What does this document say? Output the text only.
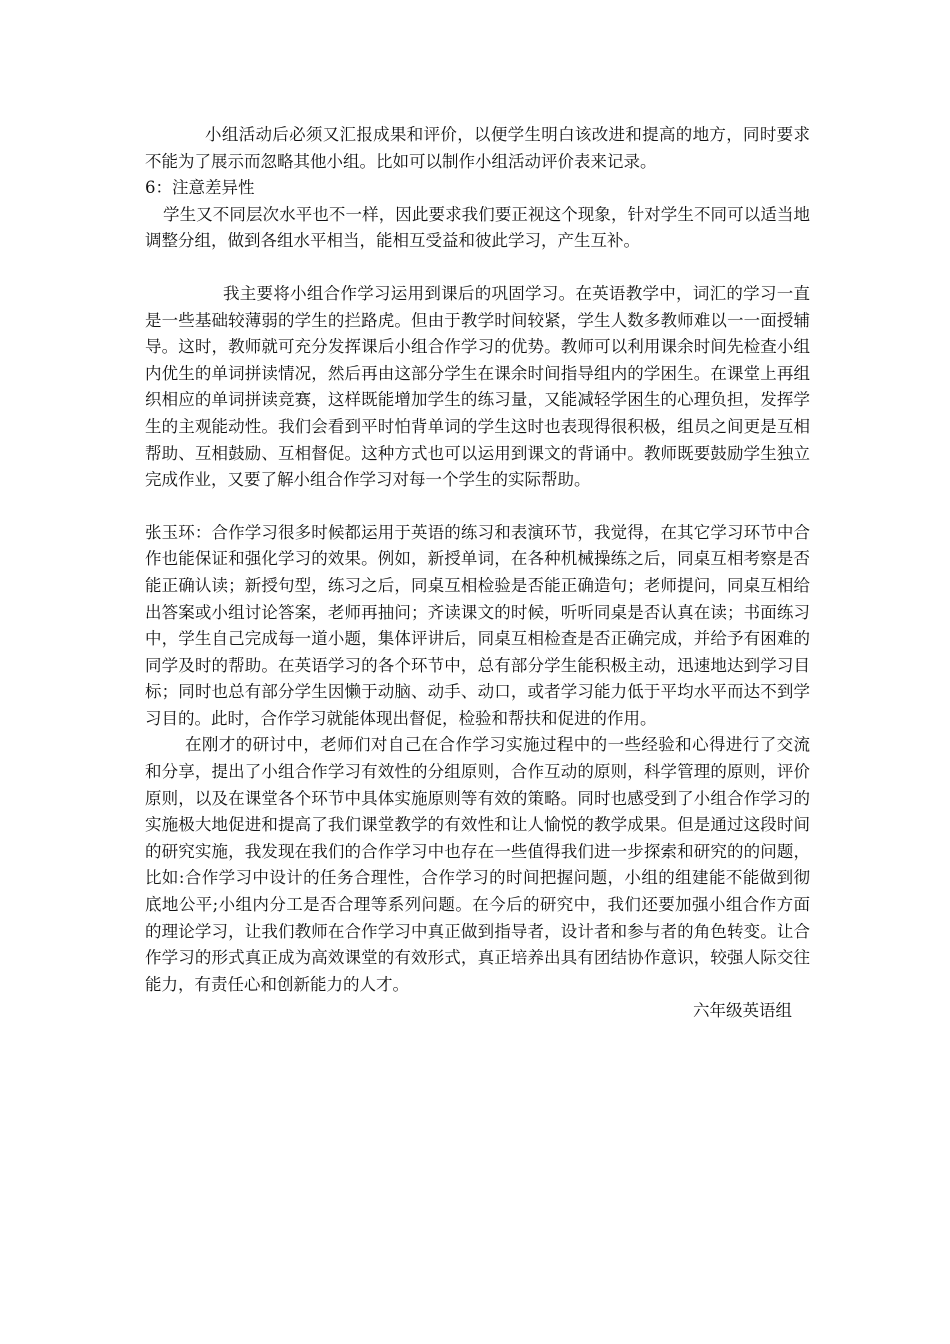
小组活动后必须又汇报成果和评价，以便学生明白该改进和提高的地方，同时要求不能为了展示而忽略其他小组。比如可以制作小组活动评价表来记录。

6：注意差异性

学生又不同层次水平也不一样，因此要求我们要正视这个现象，针对学生不同可以适当地调整分组，做到各组水平相当，能相互受益和彼此学习，产生互补。

我主要将小组合作学习运用到课后的巩固学习。在英语教学中，词汇的学习一直是一些基础较薄弱的学生的拦路虎。但由于教学时间较紧，学生人数多教师难以一一面授辅导。这时，教师就可充分发挥课后小组合作学习的优势。教师可以利用课余时间先检查小组内优生的单词拼读情况，然后再由这部分学生在课余时间指导组内的学困生。在课堂上再组织相应的单词拼读竞赛，这样既能增加学生的练习量，又能减轻学困生的心理负担，发挥学生的主观能动性。我们会看到平时怕背单词的学生这时也表现得很积极，组员之间更是互相帮助、互相鼓励、互相督促。这种方式也可以运用到课文的背诵中。教师既要鼓励学生独立完成作业，又要了解小组合作学习对每一个学生的实际帮助。

张玉环：合作学习很多时候都运用于英语的练习和表演环节，我觉得，在其它学习环节中合作也能保证和强化学习的效果。例如，新授单词，在各种机械操练之后，同桌互相考察是否能正确认读；新授句型，练习之后，同桌互相检验是否能正确造句；老师提问，同桌互相给出答案或小组讨论答案，老师再抽问；齐读课文的时候，听听同桌是否认真在读；书面练习中，学生自己完成每一道小题，集体评讲后，同桌互相检查是否正确完成，并给予有困难的同学及时的帮助。在英语学习的各个环节中，总有部分学生能积极主动，迅速地达到学习目标；同时也总有部分学生因懒于动脑、动手、动口，或者学习能力低于平均水平而达不到学习目的。此时，合作学习就能体现出督促，检验和帮扶和促进的作用。

在刚才的研讨中，老师们对自己在合作学习实施过程中的一些经验和心得进行了交流和分享，提出了小组合作学习有效性的分组原则，合作互动的原则，科学管理的原则，评价原则，以及在课堂各个环节中具体实施原则等有效的策略。同时也感受到了小组合作学习的实施极大地促进和提高了我们课堂教学的有效性和让人愉悦的教学成果。但是通过这段时间的研究实施，我发现在我们的合作学习中也存在一些值得我们进一步探索和研究的的问题，比如:合作学习中设计的任务合理性，合作学习的时间把握问题，小组的组建能不能做到彻底地公平;小组内分工是否合理等系列问题。在今后的研究中，我们还要加强小组合作方面的理论学习，让我们教师在合作学习中真正做到指导者，设计者和参与者的角色转变。让合作学习的形式真正成为高效课堂的有效形式，真正培养出具有团结协作意识，较强人际交往能力，有责任心和创新能力的人才。

六年级英语组
